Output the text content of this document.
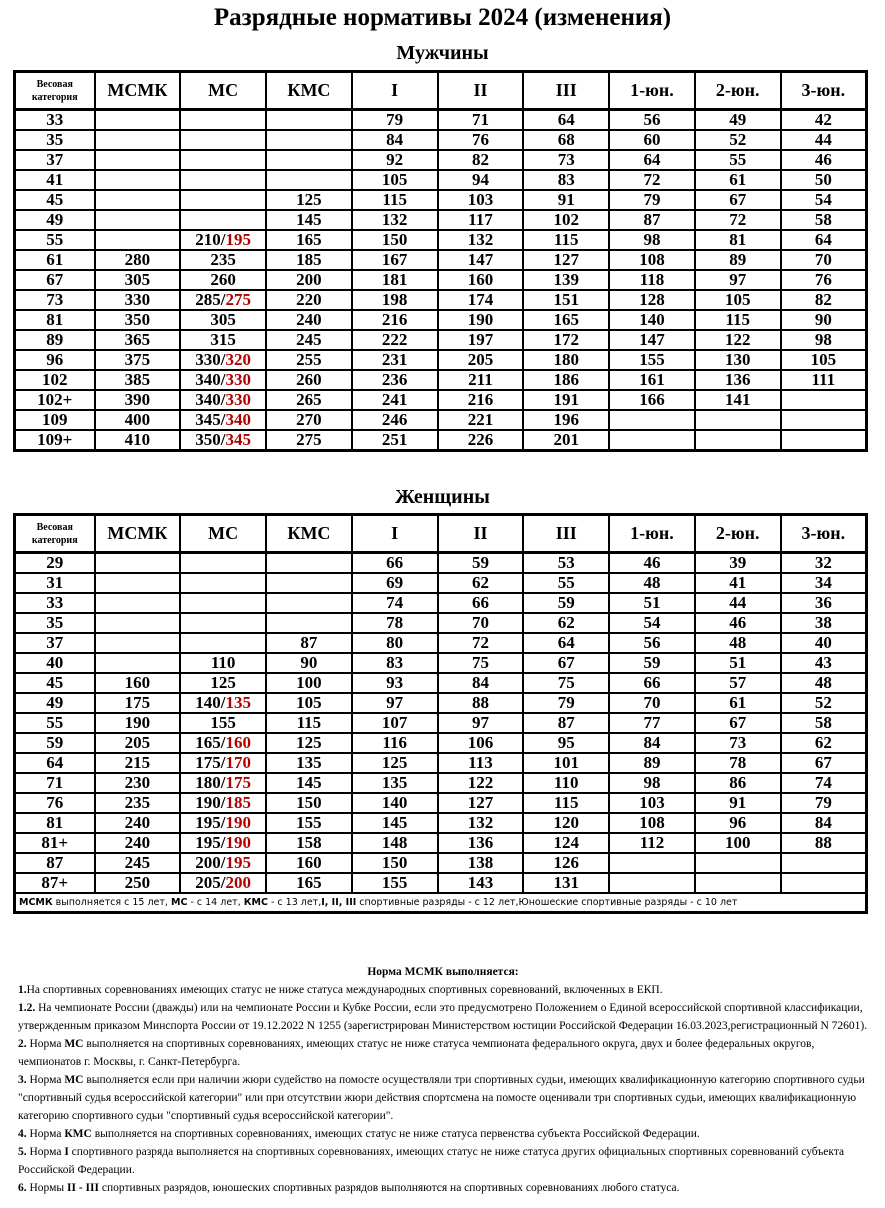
Разрядные нормативы 2024 (изменения)
Мужчины
Весовая категория	МСМК	МС	КМС	I	II	III	1-юн.	2-юн.	3-юн.
33				79	71	64	56	49	42
35				84	76	68	60	52	44
37				92	82	73	64	55	46
41				105	94	83	72	61	50
45			125	115	103	91	79	67	54
49			145	132	117	102	87	72	58
55		210/195	165	150	132	115	98	81	64
61	280	235	185	167	147	127	108	89	70
67	305	260	200	181	160	139	118	97	76
73	330	285/275	220	198	174	151	128	105	82
81	350	305	240	216	190	165	140	115	90
89	365	315	245	222	197	172	147	122	98
96	375	330/320	255	231	205	180	155	130	105
102	385	340/330	260	236	211	186	161	136	111
102+	390	340/330	265	241	216	191	166	141	
109	400	345/340	270	246	221	196			
109+	410	350/345	275	251	226	201			
Женщины
Весовая категория	МСМК	МС	КМС	I	II	III	1-юн.	2-юн.	3-юн.
29				66	59	53	46	39	32
31				69	62	55	48	41	34
33				74	66	59	51	44	36
35				78	70	62	54	46	38
37			87	80	72	64	56	48	40
40		110	90	83	75	67	59	51	43
45	160	125	100	93	84	75	66	57	48
49	175	140/135	105	97	88	79	70	61	52
55	190	155	115	107	97	87	77	67	58
59	205	165/160	125	116	106	95	84	73	62
64	215	175/170	135	125	113	101	89	78	67
71	230	180/175	145	135	122	110	98	86	74
76	235	190/185	150	140	127	115	103	91	79
81	240	195/190	155	145	132	120	108	96	84
81+	240	195/190	158	148	136	124	112	100	88
87	245	200/195	160	150	138	126			
87+	250	205/200	165	155	143	131			
МСМК выполняется с 15 лет, МС - с 14 лет, КМС - с 13 лет,I, II, III спортивные разряды - с 12 лет,Юношеские спортивные разряды - с 10 лет									

Норма МСМК выполняется:

1.На спортивных соревнованиях имеющих статус не ниже статуса международных спортивных соревнований, включенных в ЕКП.

1.2. На чемпионате России (дважды) или на чемпионате России и Кубке России, если это предусмотрено Положением о Единой всероссийской спортивной классификации, утвержденным приказом Минспорта России от 19.12.2022 N 1255 (зарегистрирован Министерством юстиции Российской Федерации 16.03.2023,регистрационный N 72601).

2. Норма МС выполняется на спортивных соревнованиях, имеющих статус не ниже статуса чемпионата федерального округа, двух и более федеральных округов, чемпионатов г. Москвы, г. Санкт-Петербурга.

3. Норма МС выполняется если при наличии жюри судейство на помосте осуществляли три спортивных судьи, имеющих квалификационную категорию спортивного судьи "спортивный судья всероссийской категории" или при отсутствии жюри действия спортсмена на помосте оценивали три спортивных судьи, имеющих квалификационную категорию спортивного судьи "спортивный судья всероссийской категории".

4. Норма КМС выполняется на спортивных соревнованиях, имеющих статус не ниже статуса первенства субъекта Российской Федерации.

5. Норма I спортивного разряда выполняется на спортивных соревнованиях, имеющих статус не ниже статуса других официальных спортивных соревнований субъекта Российской Федерации.

6. Нормы II - III спортивных разрядов, юношеских спортивных разрядов выполняются на спортивных соревнованиях любого статуса.
